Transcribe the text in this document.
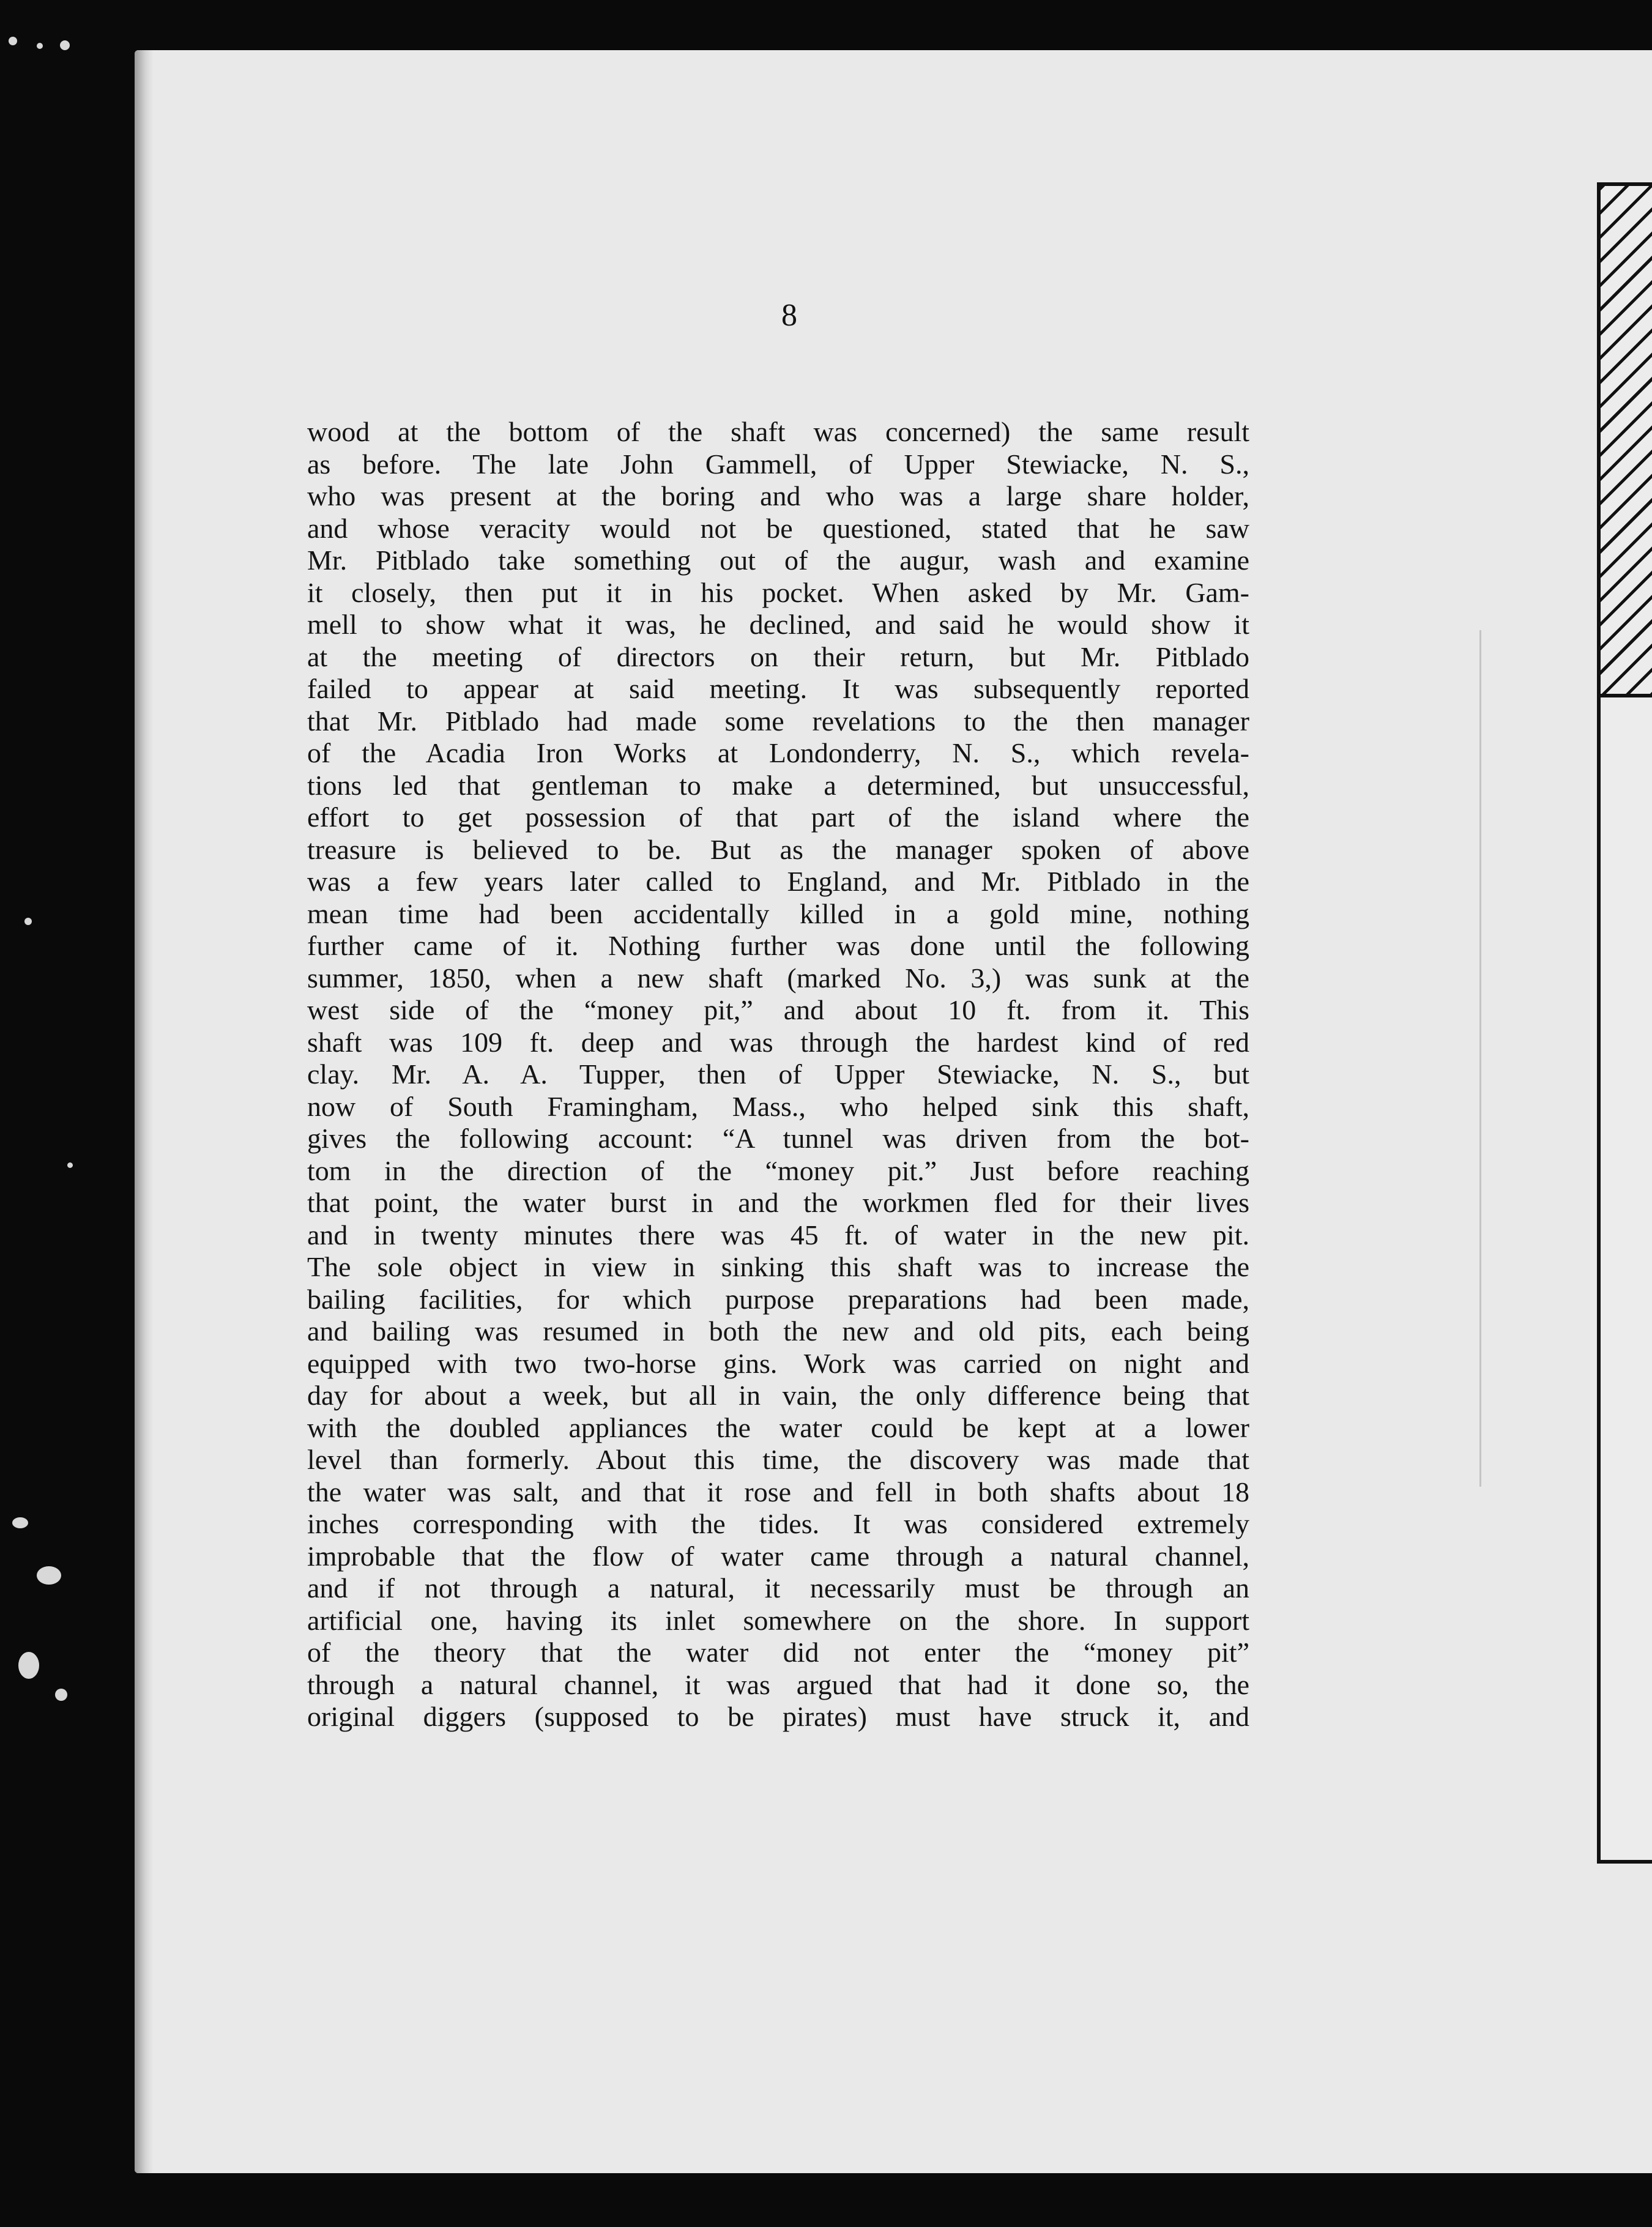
8

wood at the bottom of the shaft was concerned) the same result
as before. The late John Gammell, of Upper Stewiacke, N. S.,
who was present at the boring and who was a large share holder,
and whose veracity would not be questioned, stated that he saw
Mr. Pitblado take something out of the augur, wash and examine
it closely, then put it in his pocket. When asked by Mr. Gam-
mell to show what it was, he declined, and said he would show it
at the meeting of directors on their return, but Mr. Pitblado
failed to appear at said meeting. It was subsequently reported
that Mr. Pitblado had made some revelations to the then manager
of the Acadia Iron Works at Londonderry, N. S., which revela-
tions led that gentleman to make a determined, but unsuccessful,
effort to get possession of that part of the island where the
treasure is believed to be. But as the manager spoken of above
was a few years later called to England, and Mr. Pitblado in the
mean time had been accidentally killed in a gold mine, nothing
further came of it. Nothing further was done until the following
summer, 1850, when a new shaft (marked No. 3,) was sunk at the
west side of the “money pit,” and about 10 ft. from it. This
shaft was 109 ft. deep and was through the hardest kind of red
clay. Mr. A. A. Tupper, then of Upper Stewiacke, N. S., but
now of South Framingham, Mass., who helped sink this shaft,
gives the following account: “A tunnel was driven from the bot-
tom in the direction of the “money pit.” Just before reaching
that point, the water burst in and the workmen fled for their lives
and in twenty minutes there was 45 ft. of water in the new pit.
The sole object in view in sinking this shaft was to increase the
bailing facilities, for which purpose preparations had been made,
and bailing was resumed in both the new and old pits, each being
equipped with two two-horse gins. Work was carried on night and
day for about a week, but all in vain, the only difference being that
with the doubled appliances the water could be kept at a lower
level than formerly. About this time, the discovery was made that
the water was salt, and that it rose and fell in both shafts about 18
inches corresponding with the tides. It was considered extremely
improbable that the flow of water came through a natural channel,
and if not through a natural, it necessarily must be through an
artificial one, having its inlet somewhere on the shore. In support
of the theory that the water did not enter the “money pit”
through a natural channel, it was argued that had it done so, the
original diggers (supposed to be pirates) must have struck it, and
